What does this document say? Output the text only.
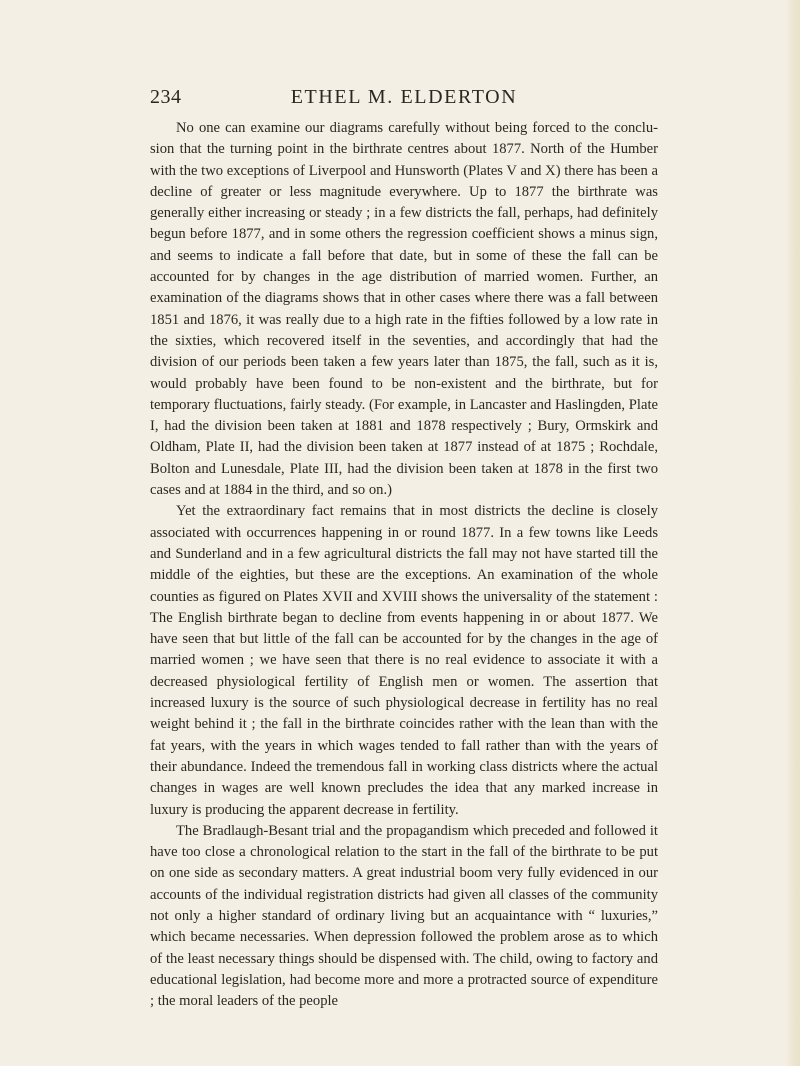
234	ETHEL M. ELDERTON

No one can examine our diagrams carefully without being forced to the conclusion that the turning point in the birthrate centres about 1877. North of the Humber with the two exceptions of Liverpool and Hunsworth (Plates V and X) there has been a decline of greater or less magnitude everywhere. Up to 1877 the birthrate was generally either increasing or steady ; in a few districts the fall, perhaps, had definitely begun before 1877, and in some others the regression coefficient shows a minus sign, and seems to indicate a fall before that date, but in some of these the fall can be accounted for by changes in the age distribution of married women. Further, an examination of the diagrams shows that in other cases where there was a fall between 1851 and 1876, it was really due to a high rate in the fifties followed by a low rate in the sixties, which recovered itself in the seventies, and accordingly that had the division of our periods been taken a few years later than 1875, the fall, such as it is, would probably have been found to be non-existent and the birthrate, but for temporary fluctuations, fairly steady. (For example, in Lancaster and Haslingden, Plate I, had the division been taken at 1881 and 1878 respectively ; Bury, Ormskirk and Oldham, Plate II, had the division been taken at 1877 instead of at 1875 ; Rochdale, Bolton and Lunesdale, Plate III, had the division been taken at 1878 in the first two cases and at 1884 in the third, and so on.)

Yet the extraordinary fact remains that in most districts the decline is closely associated with occurrences happening in or round 1877. In a few towns like Leeds and Sunderland and in a few agricultural districts the fall may not have started till the middle of the eighties, but these are the exceptions. An examination of the whole counties as figured on Plates XVII and XVIII shows the universality of the statement : The English birthrate began to decline from events happening in or about 1877. We have seen that but little of the fall can be accounted for by the changes in the age of married women ; we have seen that there is no real evidence to associate it with a decreased physiological fertility of English men or women. The assertion that increased luxury is the source of such physiological decrease in fertility has no real weight behind it ; the fall in the birthrate coincides rather with the lean than with the fat years, with the years in which wages tended to fall rather than with the years of their abundance. Indeed the tremendous fall in working class districts where the actual changes in wages are well known precludes the idea that any marked increase in luxury is producing the apparent decrease in fertility.

The Bradlaugh-Besant trial and the propagandism which preceded and followed it have too close a chronological relation to the start in the fall of the birthrate to be put on one side as secondary matters. A great industrial boom very fully evidenced in our accounts of the individual registration districts had given all classes of the community not only a higher standard of ordinary living but an acquaintance with “ luxuries,” which became necessaries. When depression followed the problem arose as to which of the least necessary things should be dispensed with. The child, owing to factory and educational legislation, had become more and more a protracted source of expenditure ; the moral leaders of the people
